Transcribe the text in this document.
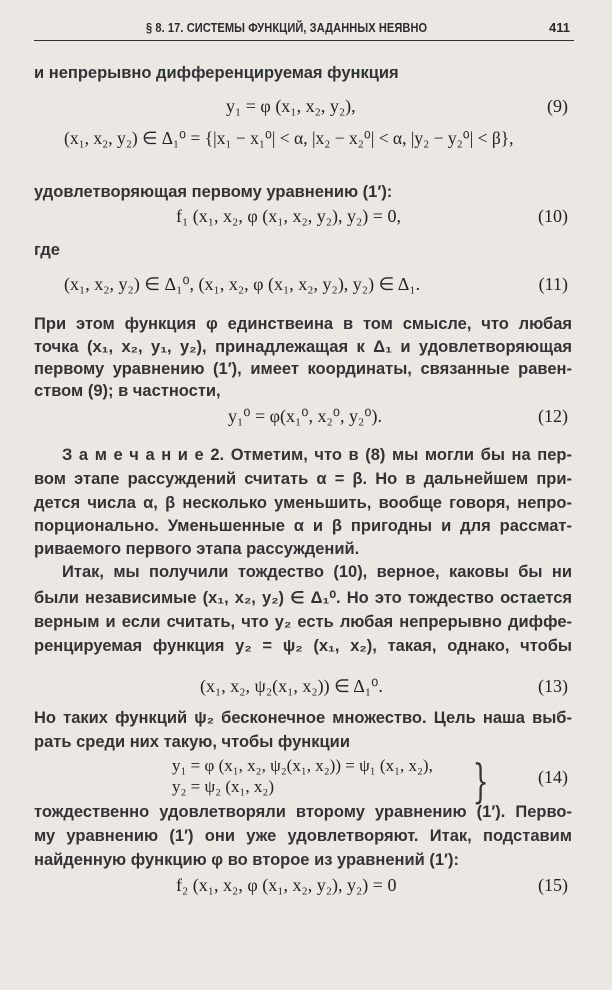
§ 8. 17. СИСТЕМЫ ФУНКЦИЙ, ЗАДАННЫХ НЕЯВНО	411
и непрерывно дифференцируемая функция
удовлетворяющая первому уравнению (1′):
где
При этом функция φ единствеина в том смысле, что любая
точка (x₁, x₂, y₁, y₂), принадлежащая к Δ₁ и удовлетворяющая
первому уравнению (1′), имеет координаты, связанные равен-
ством (9); в частности,
З а м е ч а н и е 2. Отметим, что в (8) мы могли бы на пер-
вом этапе рассуждений считать α = β. Но в дальнейшем при-
дется числа α, β несколько уменьшить, вообще говоря, непро-
порционально. Уменьшенные α и β пригодны и для рассмат-
риваемого первого этапа рассуждений.
Итак, мы получили тождество (10), верное, каковы бы ни
были независимые (x₁, x₂, y₂) ∈ Δ₁⁰. Но это тождество остается
верным и если считать, что y₂ есть любая непрерывно диффе-
ренцируемая функция y₂ = ψ₂ (x₁, x₂), такая, однако, чтобы
Но таких функций ψ₂ бесконечное множество. Цель наша выб-
рать среди них такую, чтобы функции
тождественно удовлетворяли второму уравнению (1′). Перво-
му уравнению (1′) они уже удовлетворяют. Итак, подставим
найденную функцию φ во второе из уравнений (1′):
y₁ = φ (x₁, x₂, y₂),
(x₁, x₂, y₂) ∈ Δ₁⁰ = {|x₁ − x₁⁰| < α, |x₂ − x₂⁰| < α, |y₂ − y₂⁰| < β},
f₁ (x₁, x₂, φ (x₁, x₂, y₂), y₂) = 0,
(x₁, x₂, y₂) ∈ Δ₁⁰, (x₁, x₂, φ (x₁, x₂, y₂), y₂) ∈ Δ₁.
y₁⁰ = φ(x₁⁰, x₂⁰, y₂⁰).
(x₁, x₂, ψ₂(x₁, x₂)) ∈ Δ₁⁰.
y₁ = φ (x₁, x₂, ψ₂(x₁, x₂)) = ψ₁ (x₁, x₂),
y₂ = ψ₂ (x₁, x₂)	}
f₂ (x₁, x₂, φ (x₁, x₂, y₂), y₂) = 0
(9)
(10)
(11)
(12)
(13)
(14)
(15)
